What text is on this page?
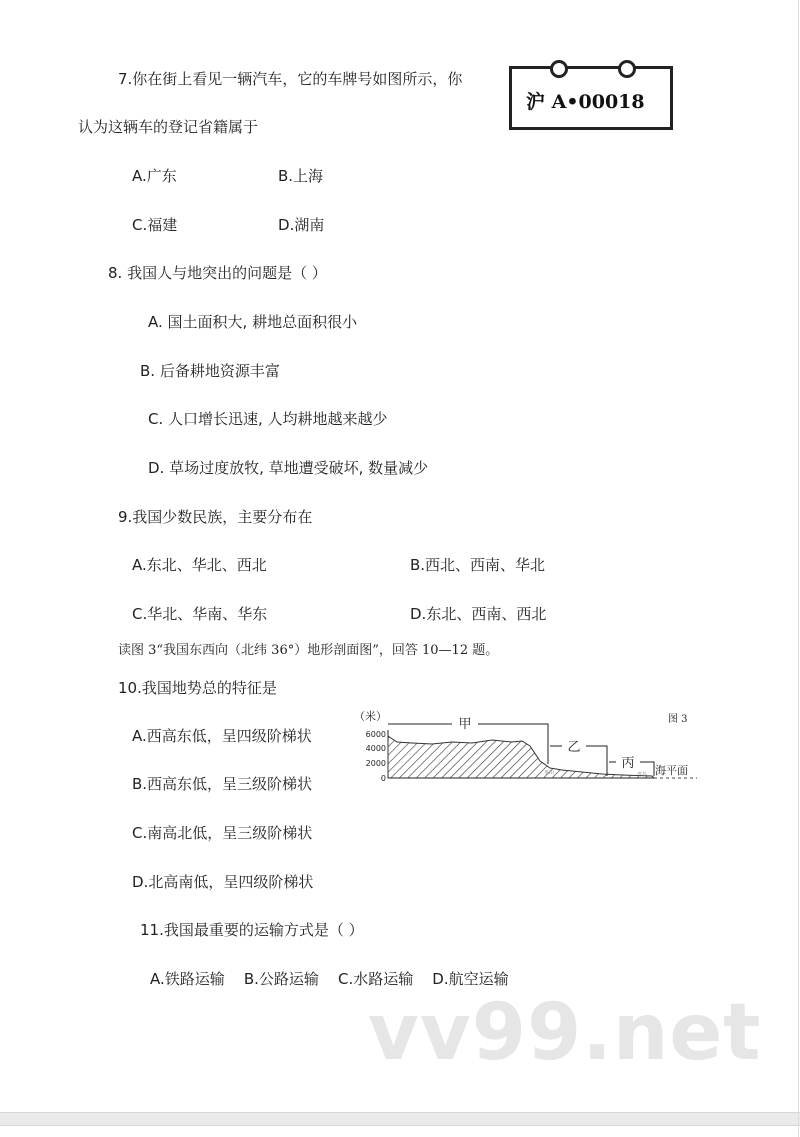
7.你在街上看见一辆汽车，它的车牌号如图所示，你
认为这辆车的登记省籍属于
沪 A•00018
A.广东	B.上海
C.福建	D.湖南
8. 我国人与地突出的问题是（ ）
A. 国土面积大, 耕地总面积很小
B. 后备耕地资源丰富
C. 人口增长迅速, 人均耕地越来越少
D. 草场过度放牧, 草地遭受破坏, 数量减少
9.我国少数民族，主要分布在
A.东北、华北、西北	B.西北、西南、华北
C.华北、华南、华东	D.东北、西南、西北
读图 3“我国东西向（北纬 36°）地形剖面图”，回答 10—12 题。
10.我国地势总的特征是
A.西高东低，呈四级阶梯状
B.西高东低，呈三级阶梯状
C.南高北低，呈三级阶梯状
D.北高南低，呈四级阶梯状
（米）
6000
4000
2000
0
甲
乙
丙 海平面
图 3
巫山	青岛
11.我国最重要的运输方式是（ ）
A.铁路运输    B.公路运输    C.水路运输    D.航空运输
vv99.net
